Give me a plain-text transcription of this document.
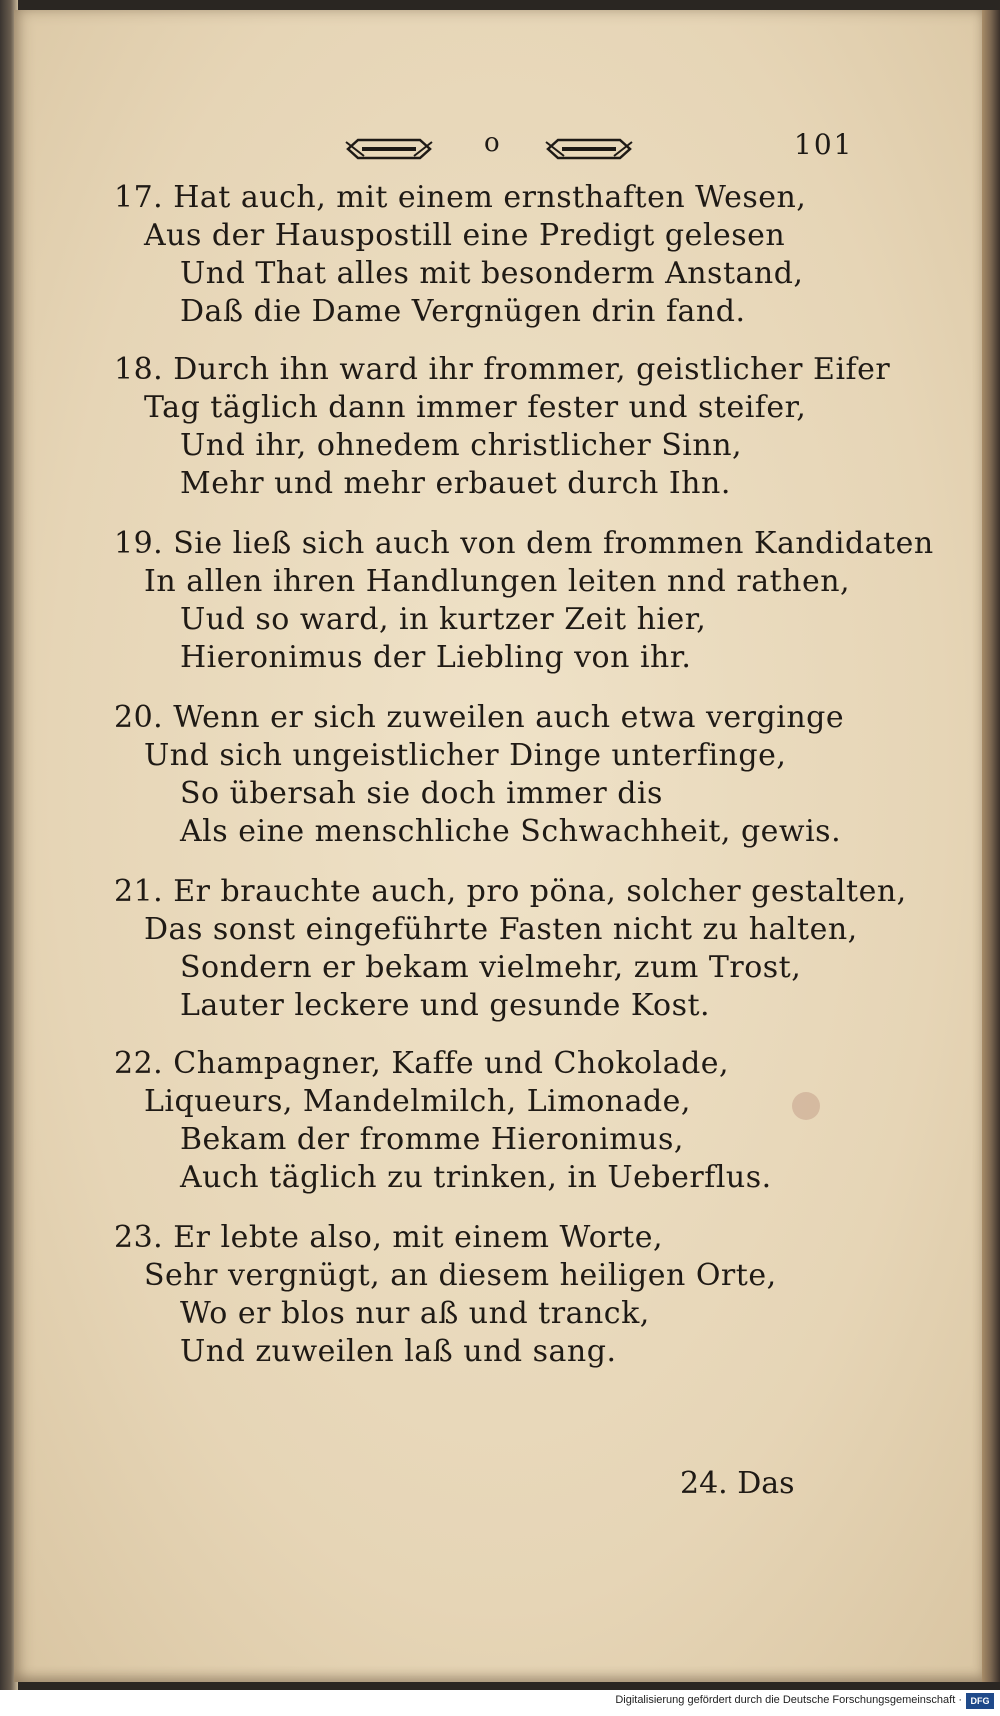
o	101
17. Hat auch, mit einem ernsthaften Wesen,
Aus der Hauspostill eine Predigt gelesen
Und That alles mit besonderm Anstand,
Daß die Dame Vergnügen drin fand.
18. Durch ihn ward ihr frommer, geistlicher Eifer
Tag täglich dann immer fester und steifer,
Und ihr, ohnedem christlicher Sinn,
Mehr und mehr erbauet durch Ihn.
19. Sie ließ sich auch von dem frommen Kandidaten
In allen ihren Handlungen leiten nnd rathen,
Uud so ward, in kurtzer Zeit hier,
Hieronimus der Liebling von ihr.
20. Wenn er sich zuweilen auch etwa verginge
Und sich ungeistlicher Dinge unterfinge,
So übersah sie doch immer dis
Als eine menschliche Schwachheit, gewis.
21. Er brauchte auch, pro pöna, solcher gestalten,
Das sonst eingeführte Fasten nicht zu halten,
Sondern er bekam vielmehr, zum Trost,
Lauter leckere und gesunde Kost.
22. Champagner, Kaffe und Chokolade,
Liqueurs, Mandelmilch, Limonade,
Bekam der fromme Hieronimus,
Auch täglich zu trinken, in Ueberflus.
23. Er lebte also, mit einem Worte,
Sehr vergnügt, an diesem heiligen Orte,
Wo er blos nur aß und tranck,
Und zuweilen laß und sang.
24. Das
Digitalisierung gefördert durch die Deutsche Forschungsgemeinschaft · DFG
